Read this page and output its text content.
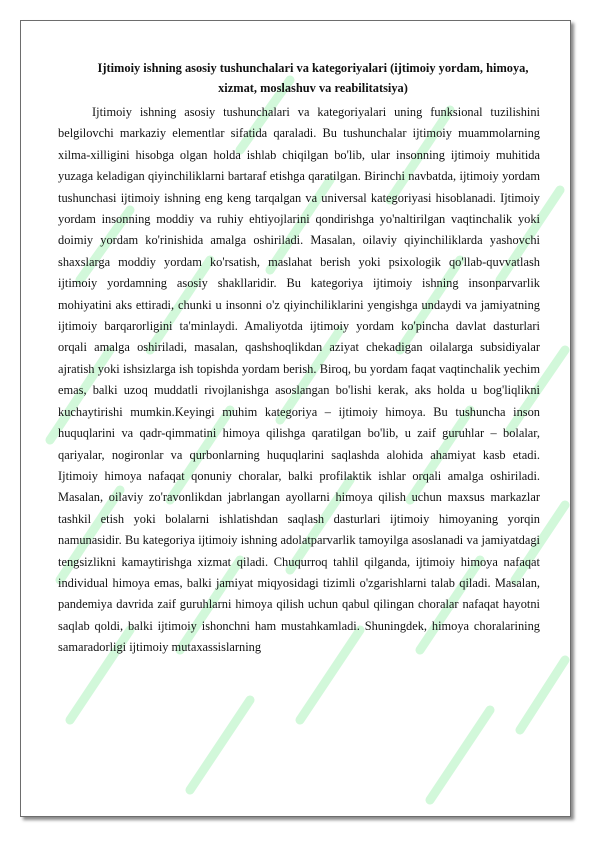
Ijtimoiy ishning asosiy tushunchalari va kategoriyalari (ijtimoiy yordam, himoya, xizmat, moslashuv va reabilitatsiya)

Ijtimoiy ishning asosiy tushunchalari va kategoriyalari uning funksional tuzilishini belgilovchi markaziy elementlar sifatida qaraladi. Bu tushunchalar ijtimoiy muammolarning xilma-xilligini hisobga olgan holda ishlab chiqilgan bo'lib, ular insonning ijtimoiy muhitida yuzaga keladigan qiyinchiliklarni bartaraf etishga qaratilgan. Birinchi navbatda, ijtimoiy yordam tushunchasi ijtimoiy ishning eng keng tarqalgan va universal kategoriyasi hisoblanadi. Ijtimoiy yordam insonning moddiy va ruhiy ehtiyojlarini qondirishga yo'naltirilgan vaqtinchalik yoki doimiy yordam ko'rinishida amalga oshiriladi. Masalan, oilaviy qiyinchiliklarda yashovchi shaxslarga moddiy yordam ko'rsatish, maslahat berish yoki psixologik qo'llab-quvvatlash ijtimoiy yordamning asosiy shakllaridir. Bu kategoriya ijtimoiy ishning insonparvarlik mohiyatini aks ettiradi, chunki u insonni o'z qiyinchiliklarini yengishga undaydi va jamiyatning ijtimoiy barqarorligini ta'minlaydi. Amaliyotda ijtimoiy yordam ko'pincha davlat dasturlari orqali amalga oshiriladi, masalan, qashshoqlikdan aziyat chekadigan oilalarga subsidiyalar ajratish yoki ishsizlarga ish topishda yordam berish. Biroq, bu yordam faqat vaqtinchalik yechim emas, balki uzoq muddatli rivojlanishga asoslangan bo'lishi kerak, aks holda u bog'liqlikni kuchaytirishi mumkin.Keyingi muhim kategoriya – ijtimoiy himoya. Bu tushuncha inson huquqlarini va qadr-qimmatini himoya qilishga qaratilgan bo'lib, u zaif guruhlar – bolalar, qariyalar, nogironlar va qurbonlarning huquqlarini saqlashda alohida ahamiyat kasb etadi. Ijtimoiy himoya nafaqat qonuniy choralar, balki profilaktik ishlar orqali amalga oshiriladi. Masalan, oilaviy zo'ravonlikdan jabrlangan ayollarni himoya qilish uchun maxsus markazlar tashkil etish yoki bolalarni ishlatishdan saqlash dasturlari ijtimoiy himoyaning yorqin namunasidir. Bu kategoriya ijtimoiy ishning adolatparvarlik tamoyilga asoslanadi va jamiyatdagi tengsizlikni kamaytirishga xizmat qiladi. Chuqurroq tahlil qilganda, ijtimoiy himoya nafaqat individual himoya emas, balki jamiyat miqyosidagi tizimli o'zgarishlarni talab qiladi. Masalan, pandemiya davrida zaif guruhlarni himoya qilish uchun qabul qilingan choralar nafaqat hayotni saqlab qoldi, balki ijtimoiy ishonchni ham mustahkamladi. Shuningdek, himoya choralarining samaradorligi ijtimoiy mutaxassislarning
